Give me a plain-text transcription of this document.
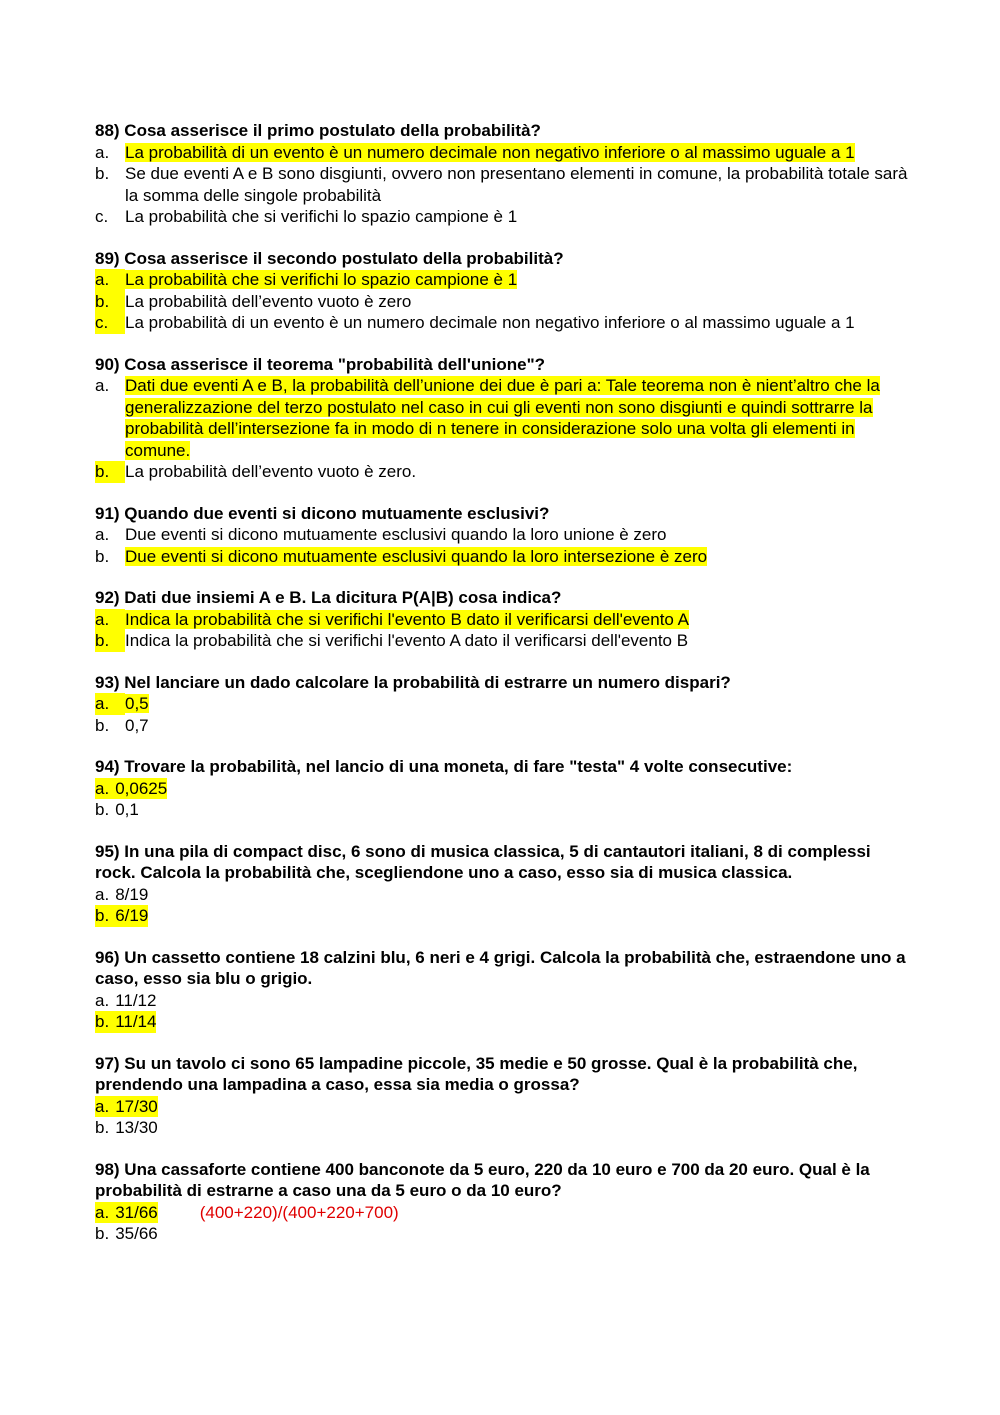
88) Cosa asserisce il primo postulato della probabilità?
a. La probabilità di un evento è un numero decimale non negativo inferiore o al massimo uguale a 1
b. Se due eventi A e B sono disgiunti, ovvero non presentano elementi in comune, la probabilità totale sarà la somma delle singole probabilità
c. La probabilità che si verifichi lo spazio campione è 1
89) Cosa asserisce il secondo postulato della probabilità?
a. La probabilità che si verifichi lo spazio campione è 1
b. La probabilità dell’evento vuoto è zero
c. La probabilità di un evento è un numero decimale non negativo inferiore o al massimo uguale a 1
90) Cosa asserisce il teorema "probabilità dell'unione"?
a. Dati due eventi A e B, la probabilità dell’unione dei due è pari a: Tale teorema non è nient’altro che la generalizzazione del terzo postulato nel caso in cui gli eventi non sono disgiunti e quindi sottrarre la probabilità dell’intersezione fa in modo di n tenere in considerazione solo una volta gli elementi in comune.
b. La probabilità dell’evento vuoto è zero.
91) Quando due eventi si dicono mutuamente esclusivi?
a. Due eventi si dicono mutuamente esclusivi quando la loro unione è zero
b. Due eventi si dicono mutuamente esclusivi quando la loro intersezione è zero
92) Dati due insiemi A e B. La dicitura P(A|B) cosa indica?
a. Indica la probabilità che si verifichi l'evento B dato il verificarsi dell'evento A
b. Indica la probabilità che si verifichi l'evento A dato il verificarsi dell'evento B
93) Nel lanciare un dado calcolare la probabilità di estrarre un numero dispari?
a. 0,5
b. 0,7
94) Trovare la probabilità, nel lancio di una moneta, di fare "testa" 4 volte consecutive:
a. 0,0625
b. 0,1
95) In una pila di compact disc, 6 sono di musica classica, 5 di cantautori italiani, 8 di complessi rock. Calcola la probabilità che, scegliendone uno a caso, esso sia di musica classica.
a. 8/19
b. 6/19
96) Un cassetto contiene 18 calzini blu, 6 neri e 4 grigi. Calcola la probabilità che, estraendone uno a caso, esso sia blu o grigio.
a. 11/12
b. 11/14
97) Su un tavolo ci sono 65 lampadine piccole, 35 medie e 50 grosse. Qual è la probabilità che, prendendo una lampadina a caso, essa sia media o grossa?
a. 17/30
b. 13/30
98) Una cassaforte contiene 400 banconote da 5 euro, 220 da 10 euro e 700 da 20 euro. Qual è la probabilità di estrarne a caso una da 5 euro o da 10 euro?
a. 31/66 (400+220)/(400+220+700)
b. 35/66
